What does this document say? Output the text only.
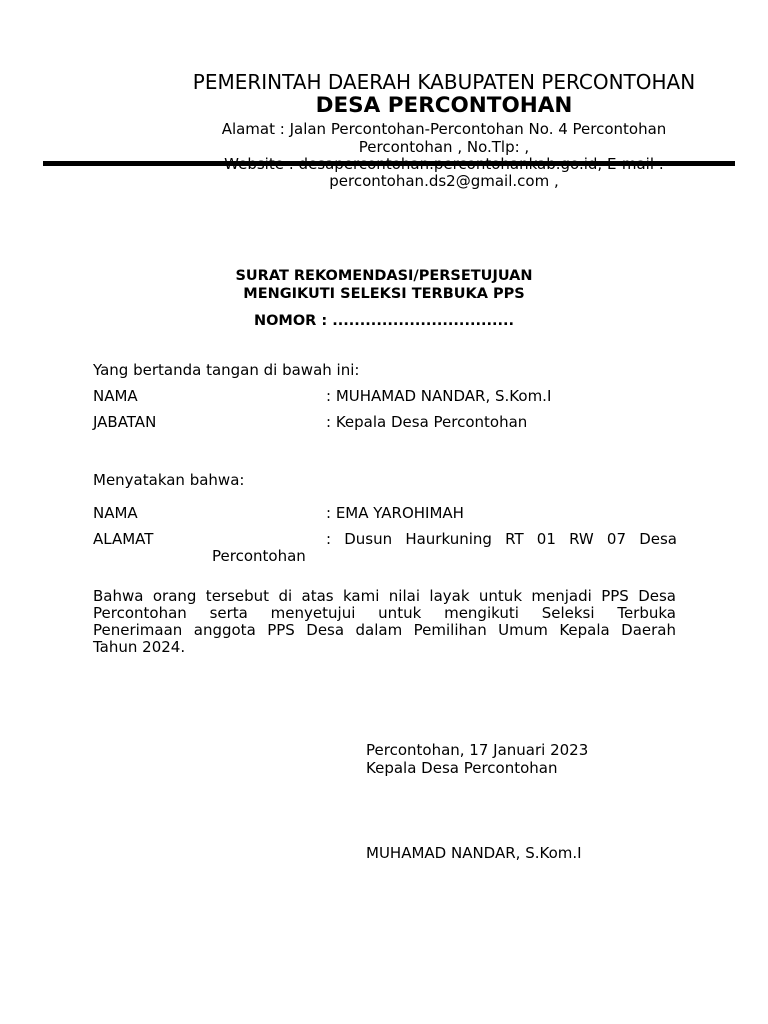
PEMERINTAH DAERAH KABUPATEN PERCONTOHAN
DESA PERCONTOHAN
Alamat : Jalan Percontohan-Percontohan No. 4 Percontohan
Percontohan , No.Tlp: ,
percontohan.ds2@gmail.com ,
SURAT REKOMENDASI/PERSETUJUAN
MENGIKUTI SELEKSI TERBUKA PPS
NOMOR : .................................
Yang bertanda tangan di bawah ini:
NAMA	: MUHAMAD NANDAR, S.Kom.I
JABATAN	: Kepala Desa Percontohan
Menyatakan bahwa:
NAMA	: EMA YAROHIMAH
ALAMAT	: Dusun Haurkuning RT 01 RW 07 Desa
Percontohan
Bahwa orang tersebut di atas kami nilai layak untuk menjadi PPS Desa
Percontohan serta menyetujui untuk mengikuti Seleksi Terbuka
Penerimaan anggota PPS Desa dalam Pemilihan Umum Kepala Daerah
Tahun 2024.
Percontohan, 17 Januari 2023
Kepala Desa Percontohan
MUHAMAD NANDAR, S.Kom.I
